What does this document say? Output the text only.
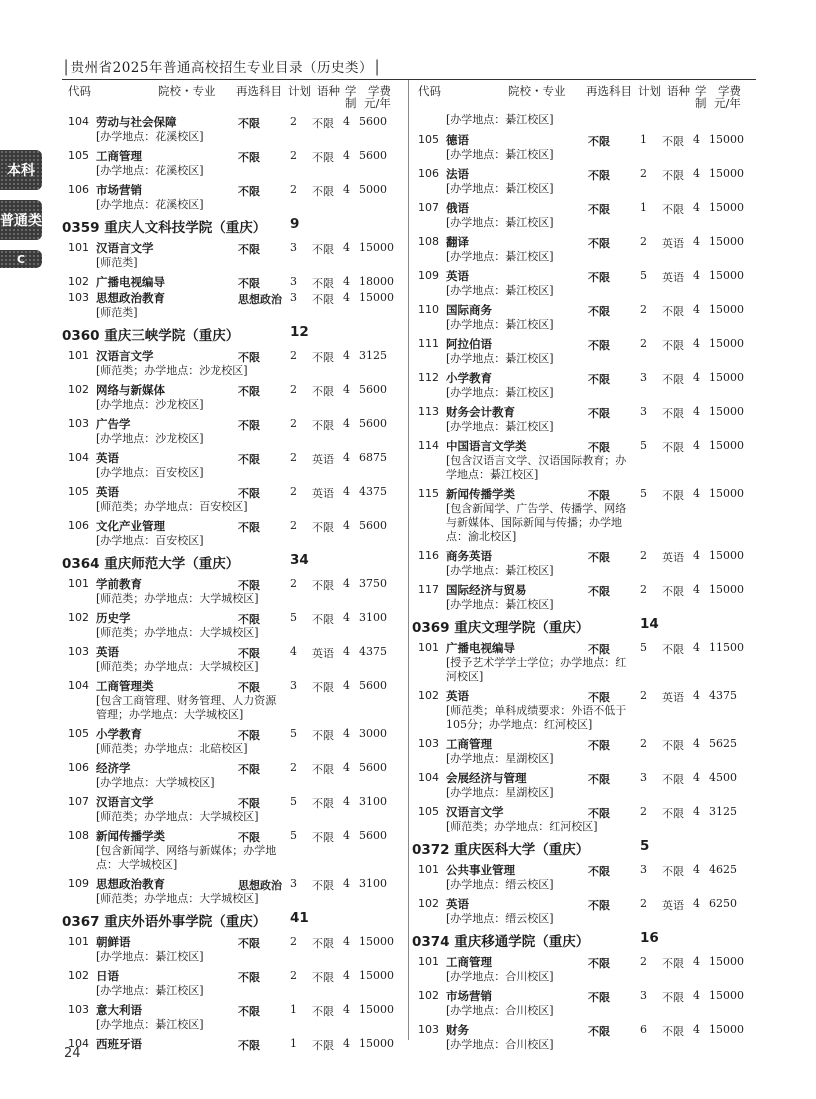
│贵州省2025年普通高校招生专业目录（历史类）│
本科
普通类
C
代码	院校・专业 再选科目 计划 语种 学
制
学费
元/年
代码	院校・专业 再选科目 计划 语种 学
制
学费
元/年
104 劳动与社会保障
[办学地点：花溪校区]
不限	2 不限 4 5600
105 工商管理
[办学地点：花溪校区]
不限	2 不限 4 5600
106 市场营销
[办学地点：花溪校区]
不限	2 不限 4 5000
0359 重庆人文科技学院（重庆） 9
101 汉语言文学
[师范类]
不限	3 不限 4 15000
102 广播电视编导	不限	3 不限 4 18000
103 思想政治教育
[师范类]
思想政治 3 不限 4 15000
0360 重庆三峡学院（重庆）	12
101 汉语言文学
[师范类；办学地点：沙龙校区]
不限	2 不限 4 3125
102 网络与新媒体
[办学地点：沙龙校区]
不限	2 不限 4 5600
103 广告学
[办学地点：沙龙校区]
不限	2 不限 4 5600
104 英语
[办学地点：百安校区]
不限	2 英语 4 6875
105 英语
[师范类；办学地点：百安校区]
不限	2 英语 4 4375
106 文化产业管理
[办学地点：百安校区]
不限	2 不限 4 5600
0364 重庆师范大学（重庆）	34
101 学前教育
[师范类；办学地点：大学城校区]
不限	2 不限 4 3750
102 历史学
[师范类；办学地点：大学城校区]
不限	5 不限 4 3100
103 英语
[师范类；办学地点：大学城校区]
不限	4 英语 4 4375
104 工商管理类
[包含工商管理、财务管理、人力资源管理；办学地点：大学城校区]
不限	3 不限 4 5600
105 小学教育
[师范类；办学地点：北碚校区]
不限	5 不限 4 3000
106 经济学
[办学地点：大学城校区]
不限	2 不限 4 5600
107 汉语言文学
[师范类；办学地点：大学城校区]
不限	5 不限 4 3100
108 新闻传播学类
[包含新闻学、网络与新媒体；办学地点：大学城校区]
不限	5 不限 4 5600
109 思想政治教育
[师范类；办学地点：大学城校区]
思想政治 3 不限 4 3100
0367 重庆外语外事学院（重庆） 41
101 朝鲜语
[办学地点：綦江校区]
不限	2 不限 4 15000
102 日语
[办学地点：綦江校区]
不限	2 不限 4 15000
103 意大利语
[办学地点：綦江校区]
不限	1 不限 4 15000
104 西班牙语	不限	1 不限 4 15000
[办学地点：綦江校区]
105 德语
[办学地点：綦江校区]
不限	1 不限 4 15000
106 法语
[办学地点：綦江校区]
不限	2 不限 4 15000
107 俄语
[办学地点：綦江校区]
不限	1 不限 4 15000
108 翻译
[办学地点：綦江校区]
不限	2 英语 4 15000
109 英语
[办学地点：綦江校区]
不限	5 英语 4 15000
110 国际商务
[办学地点：綦江校区]
不限	2 不限 4 15000
111 阿拉伯语
[办学地点：綦江校区]
不限	2 不限 4 15000
112 小学教育
[办学地点：綦江校区]
不限	3 不限 4 15000
113 财务会计教育
[办学地点：綦江校区]
不限	3 不限 4 15000
114 中国语言文学类
[包含汉语言文学、汉语国际教育；办学地点：綦江校区]
不限	5 不限 4 15000
115 新闻传播学类
[包含新闻学、广告学、传播学、网络与新媒体、国际新闻与传播；办学地点：渝北校区]
不限	5 不限 4 15000
116 商务英语
[办学地点：綦江校区]
不限	2 英语 4 15000
117 国际经济与贸易
[办学地点：綦江校区]
不限	2 不限 4 15000
0369 重庆文理学院（重庆）	14
101 广播电视编导
[授予艺术学学士学位；办学地点：红河校区]
不限	5 不限 4 11500
102 英语
[师范类；单科成绩要求：外语不低于105分；办学地点：红河校区]
不限	2 英语 4 4375
103 工商管理
[办学地点：星湖校区]
不限	2 不限 4 5625
104 会展经济与管理
[办学地点：星湖校区]
不限	3 不限 4 4500
105 汉语言文学
[师范类；办学地点：红河校区]
不限	2 不限 4 3125
0372 重庆医科大学（重庆）	5
101 公共事业管理
[办学地点：缙云校区]
不限	3 不限 4 4625
102 英语
[办学地点：缙云校区]
不限	2 英语 4 6250
0374 重庆移通学院（重庆）	16
101 工商管理
[办学地点：合川校区]
不限	2 不限 4 15000
102 市场营销
[办学地点：合川校区]
不限	3 不限 4 15000
103 财务
[办学地点：合川校区]
不限	6 不限 4 15000
24
